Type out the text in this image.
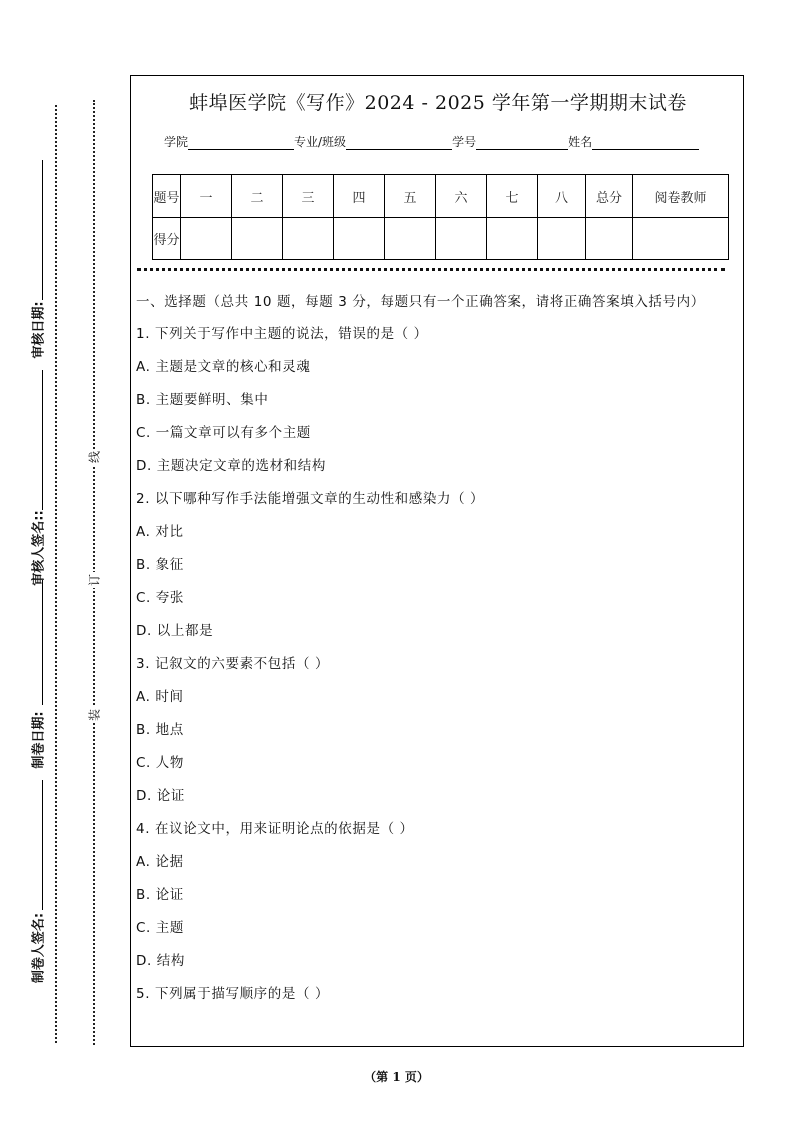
审核日期:
审核人签名::
制卷日期:
制卷人签名:
线
订
装
蚌埠医学院《写作》2024 - 2025 学年第一学期期末试卷
学院	专业/班级	学号	姓名
题号	一	二	三	四	五	六	七	八	总分	阅卷教师
得分										
一、选择题（总共 10 题，每题 3 分，每题只有一个正确答案，请将正确答案填入括号内）
1. 下列关于写作中主题的说法，错误的是（ ）
A. 主题是文章的核心和灵魂
B. 主题要鲜明、集中
C. 一篇文章可以有多个主题
D. 主题决定文章的选材和结构
2. 以下哪种写作手法能增强文章的生动性和感染力（ ）
A. 对比
B. 象征
C. 夸张
D. 以上都是
3. 记叙文的六要素不包括（ ）
A. 时间
B. 地点
C. 人物
D. 论证
4. 在议论文中，用来证明论点的依据是（ ）
A. 论据
B. 论证
C. 主题
D. 结构
5. 下列属于描写顺序的是（ ）
（第 1 页）
